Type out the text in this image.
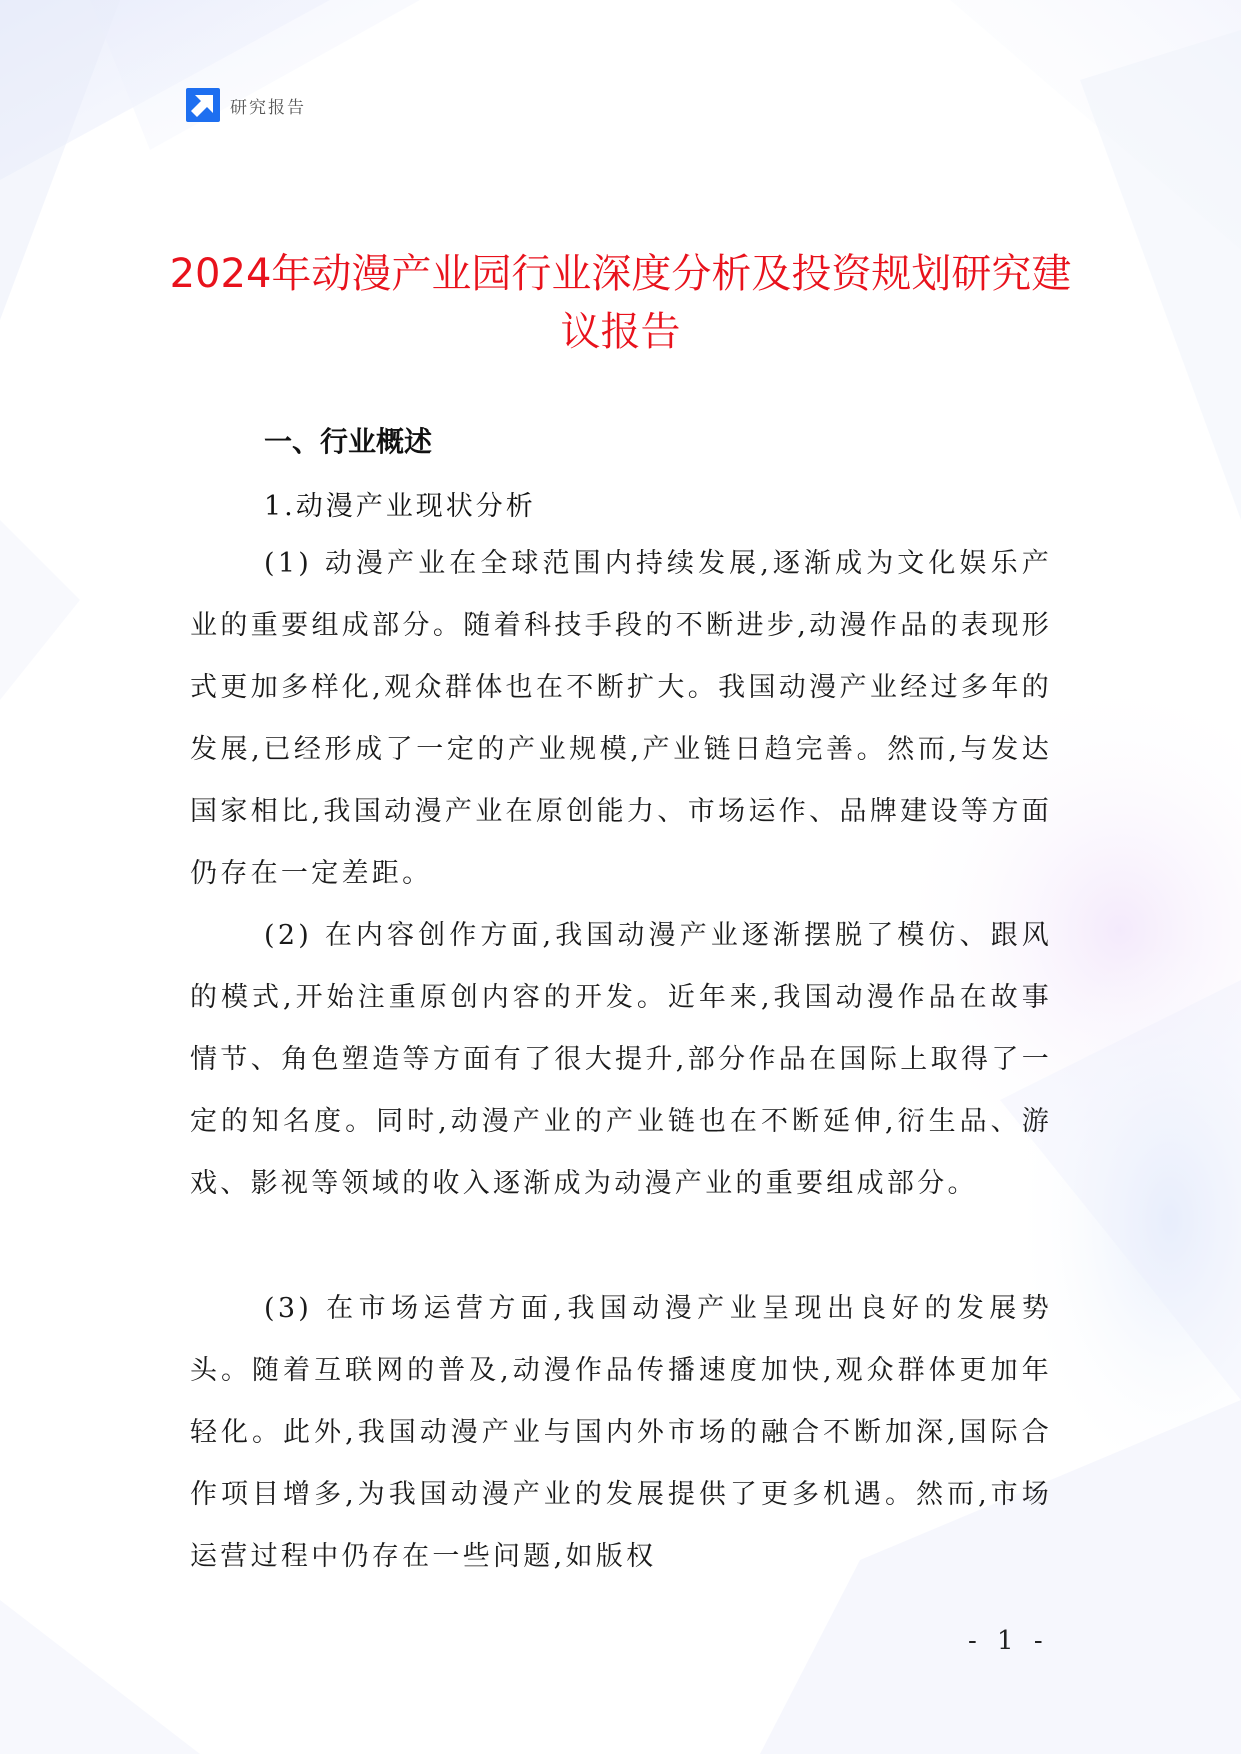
研究报告
2024年动漫产业园行业深度分析及投资规划研究建议报告
一、行业概述
1.动漫产业现状分析

(1) 动漫产业在全球范围内持续发展,逐渐成为文化娱乐产业的重要组成部分。随着科技手段的不断进步,动漫作品的表现形式更加多样化,观众群体也在不断扩大。我国动漫产业经过多年的发展,已经形成了一定的产业规模,产业链日趋完善。然而,与发达国家相比,我国动漫产业在原创能力、市场运作、品牌建设等方面仍存在一定差距。

(2) 在内容创作方面,我国动漫产业逐渐摆脱了模仿、跟风的模式,开始注重原创内容的开发。近年来,我国动漫作品在故事情节、角色塑造等方面有了很大提升,部分作品在国际上取得了一定的知名度。同时,动漫产业的产业链也在不断延伸,衍生品、游戏、影视等领域的收入逐渐成为动漫产业的重要组成部分。

(3) 在市场运营方面,我国动漫产业呈现出良好的发展势头。随着互联网的普及,动漫作品传播速度加快,观众群体更加年轻化。此外,我国动漫产业与国内外市场的融合不断加深,国际合作项目增多,为我国动漫产业的发展提供了更多机遇。然而,市场运营过程中仍存在一些问题,如版权

- 1 -
